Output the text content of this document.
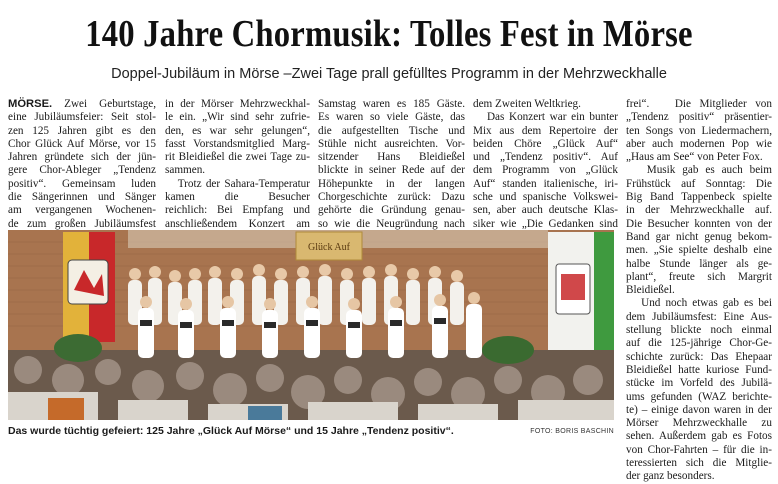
140 Jahre Chormusik: Tolles Fest in Mörse
Doppel-Jubiläum in Mörse –Zwei Tage prall gefülltes Programm in der Mehrzweckhalle
MÖRSE. Zwei Geburtstage,
eine Jubiläumsfeier: Seit stol-
zen 125 Jahren gibt es den
Chor Glück Auf Mörse, vor 15
Jahren gründete sich der jün-
gere Chor-Ableger „Tendenz
positiv“. Gemeinsam luden
die Sängerinnen und Sänger
am vergangenen Wochenen-
de zum großen Jubiläumsfest
in der Mörser Mehrzweckhal-
le ein. „Wir sind sehr zufrie-
den, es war sehr gelungen“,
fasst Vorstandsmitglied Marg-
rit Bleidießel die zwei Tage zu-
sammen.
Trotz der Sahara-Temperatur
kamen die Besucher
reichlich: Bei Empfang und
anschließendem Konzert am
Samstag waren es 185 Gäste.
Es waren so viele Gäste, das
die aufgestellten Tische und
Stühle nicht ausreichten. Vor-
sitzender Hans Bleidießel
blickte in seiner Rede auf der
Höhepunkte in der langen
Chorgeschichte zurück: Dazu
gehörte die Gründung genau-
so wie die Neugründung nach
dem Zweiten Weltkrieg.
Das Konzert war ein bunter
Mix aus dem Repertoire der
beiden Chöre „Glück Auf“
und „Tendenz positiv“. Auf
dem Programm von „Glück
Auf“ standen italienische, iri-
sche und spanische Volkswei-
sen, aber auch deutsche Klas-
siker wie „Die Gedanken sind
frei“.   Die Mitglieder von
„Tendenz positiv“ präsentier-
ten Songs von Liedermachern,
aber auch modernen Pop wie
„Haus am See“ von Peter Fox.
Musik gab es auch beim
Frühstück auf Sonntag: Die
Big Band Tappenbeck spielte
in der Mehrzweckhalle auf.
Die Besucher konnten von der
Band gar nicht genug bekom-
men. „Sie spielte deshalb eine
halbe Stunde länger als ge-
plant“, freute sich Margrit
Bleidießel.
Und noch etwas gab es bei
dem Jubiläumsfest: Eine Aus-
stellung blickte noch einmal
auf die 125-jährige Chor-Ge-
schichte zurück: Das Ehepaar
Bleidießel hatte kuriose Fund-
stücke im Vorfeld des Jubilä-
ums gefunden (WAZ berichte-
te) – einige davon waren in der
Mörser Mehrzweckhalle zu
sehen. Außerdem gab es Fotos
von Chor-Fahrten – für die in-
teressierten sich die Mitglie-
der ganz besonders.
Glück Auf
Das wurde tüchtig gefeiert: 125 Jahre „Glück Auf Mörse“ und 15 Jahre „Tendenz positiv“.	FOTO: BORIS BASCHIN
